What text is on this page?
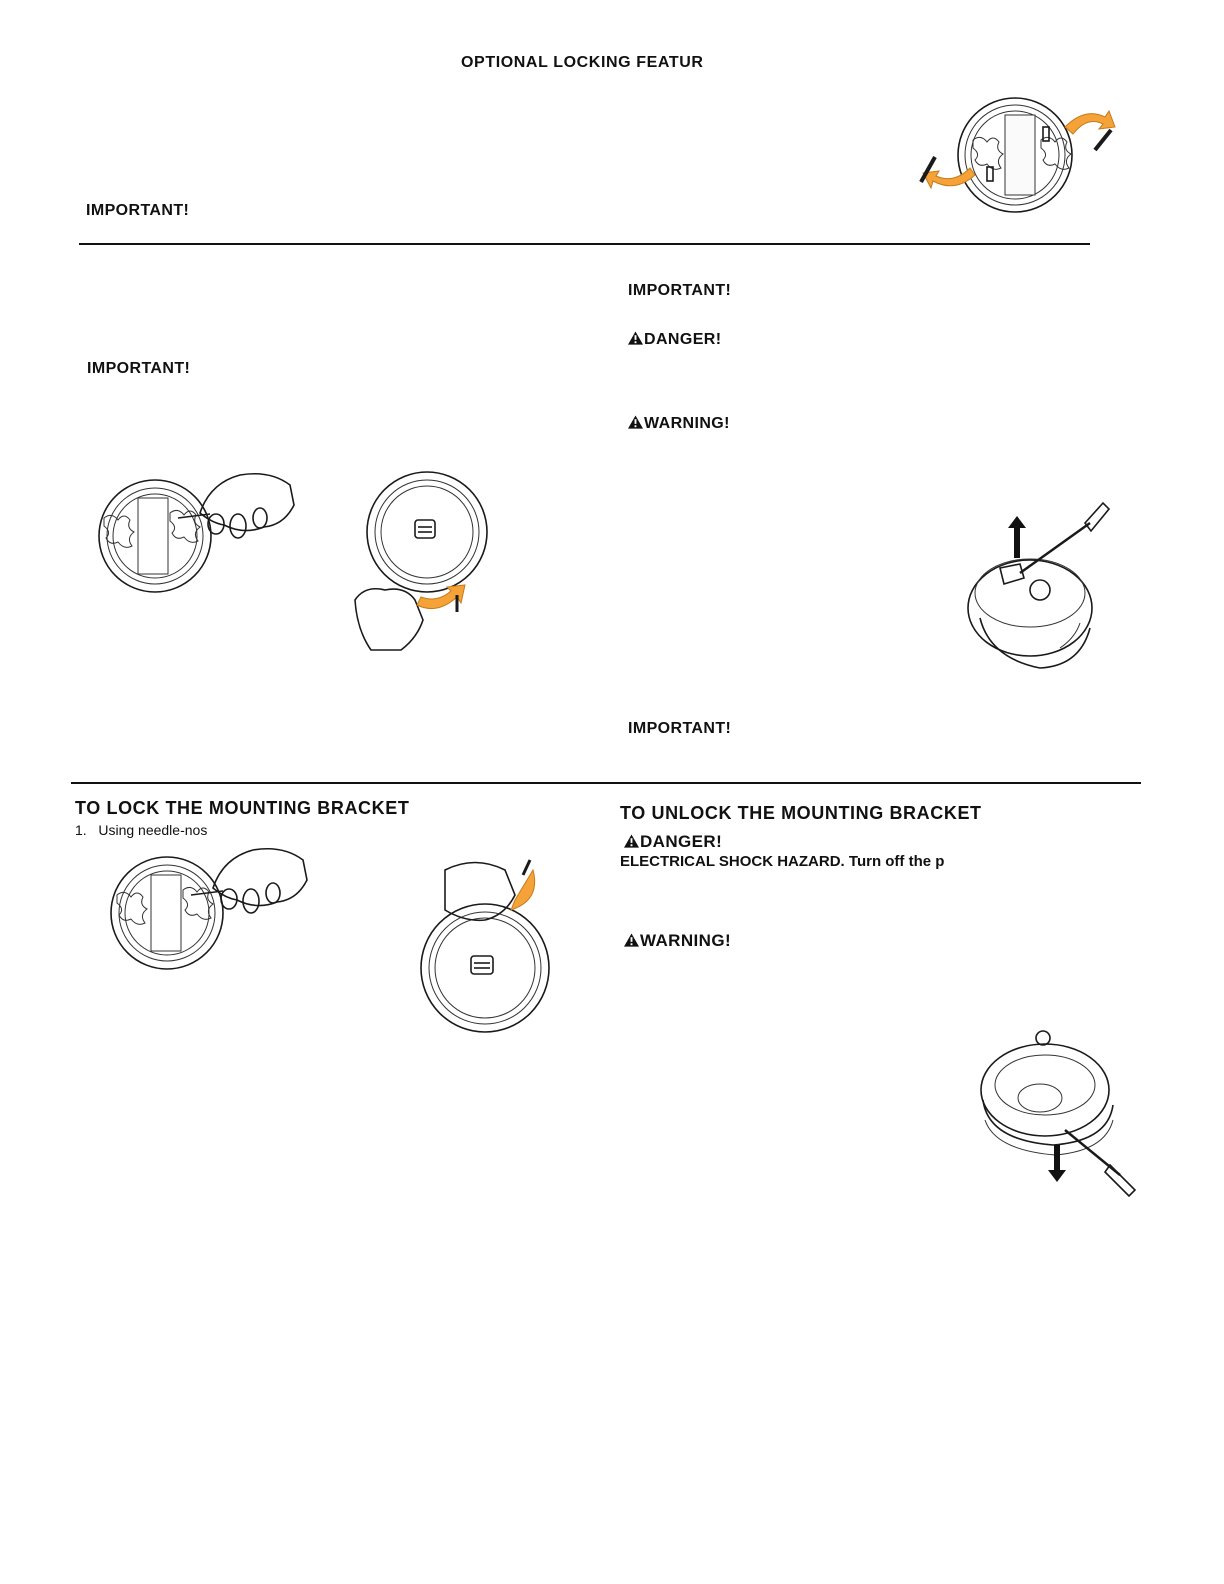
OPTIONAL LOCKING FEATUR
IMPORTANT!
IMPORTANT!
IMPORTANT!
DANGER!
WARNING!
IMPORTANT!
TO LOCK THE MOUNTING BRACKET
1. Using needle-nos
TO UNLOCK THE MOUNTING BRACKET
DANGER!
ELECTRICAL SHOCK HAZARD. Turn off the p
WARNING!
